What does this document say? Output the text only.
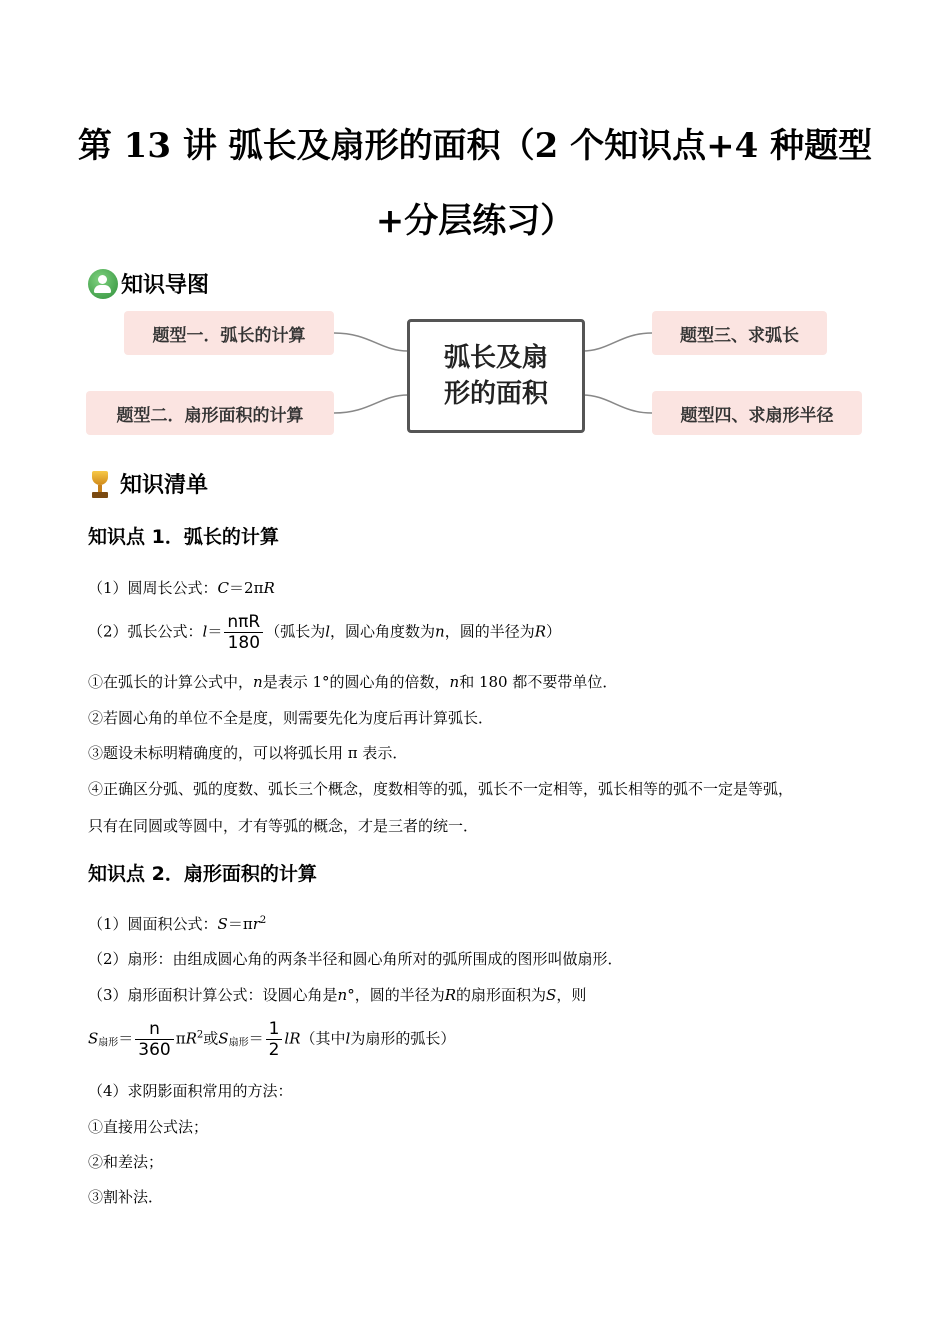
第 13 讲 弧长及扇形的面积（2 个知识点+4 种题型
+分层练习）
知识导图
题型一．弧长的计算
题型二．扇形面积的计算
弧长及扇
形的面积
题型三、求弧长
题型四、求扇形半径
知识清单
知识点 1．弧长的计算
（1）圆周长公式：C＝2πR
（2）弧长公式：$l= \frac{\text{nπR}}{180}$ （弧长为l，圆心角度数为n，圆的半径为R）
①在弧长的计算公式中，n是表示 1°的圆心角的倍数，n和 180 都不要带单位．
②若圆心角的单位不全是度，则需要先化为度后再计算弧长．
③题设未标明精确度的，可以将弧长用 π 表示．
④正确区分弧、弧的度数、弧长三个概念，度数相等的弧，弧长不一定相等，弧长相等的弧不一定是等弧，
只有在同圆或等圆中，才有等弧的概念，才是三者的统一．
知识点 2．扇形面积的计算
（1）圆面积公式：$S=\pi r^2$
（2）扇形：由组成圆心角的两条半径和圆心角所对的弧所围成的图形叫做扇形．
（3）扇形面积计算公式：设圆心角是n°，圆的半径为R的扇形面积为S，则
$S_{扇形}= \frac{n}{360} \pi R^2$或$S_{扇形}= \frac{1}{2} lR$（其中l为扇形的弧长）
（4）求阴影面积常用的方法：
①直接用公式法；
②和差法；
③割补法．
